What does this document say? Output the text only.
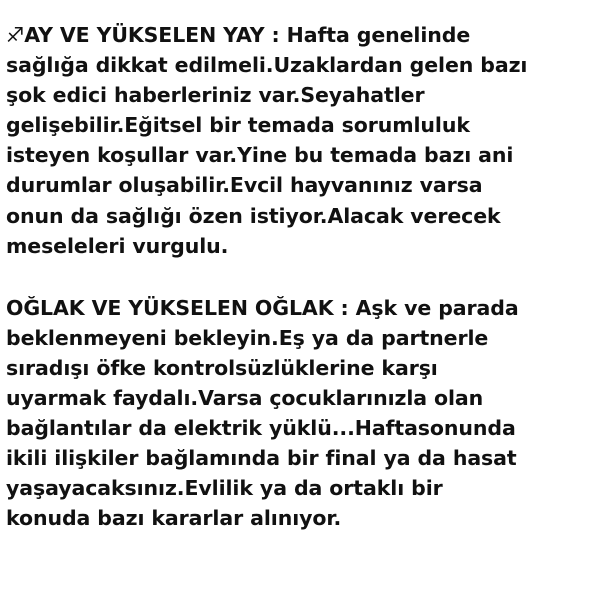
♐AY VE YÜKSELEN YAY : Hafta genelinde
sağlığa dikkat edilmeli.Uzaklardan gelen bazı
şok edici haberleriniz var.Seyahatler
gelişebilir.Eğitsel bir temada sorumluluk
isteyen koşullar var.Yine bu temada bazı ani
durumlar oluşabilir.Evcil hayvanınız varsa
onun da sağlığı özen istiyor.Alacak verecek
meseleleri vurgulu.
OĞLAK VE YÜKSELEN OĞLAK : Aşk ve parada
beklenmeyeni bekleyin.Eş ya da partnerle
sıradışı öfke kontrolsüzlüklerine karşı
uyarmak faydalı.Varsa çocuklarınızla olan
bağlantılar da elektrik yüklü...Haftasonunda
ikili ilişkiler bağlamında bir final ya da hasat
yaşayacaksınız.Evlilik ya da ortaklı bir
konuda bazı kararlar alınıyor.
